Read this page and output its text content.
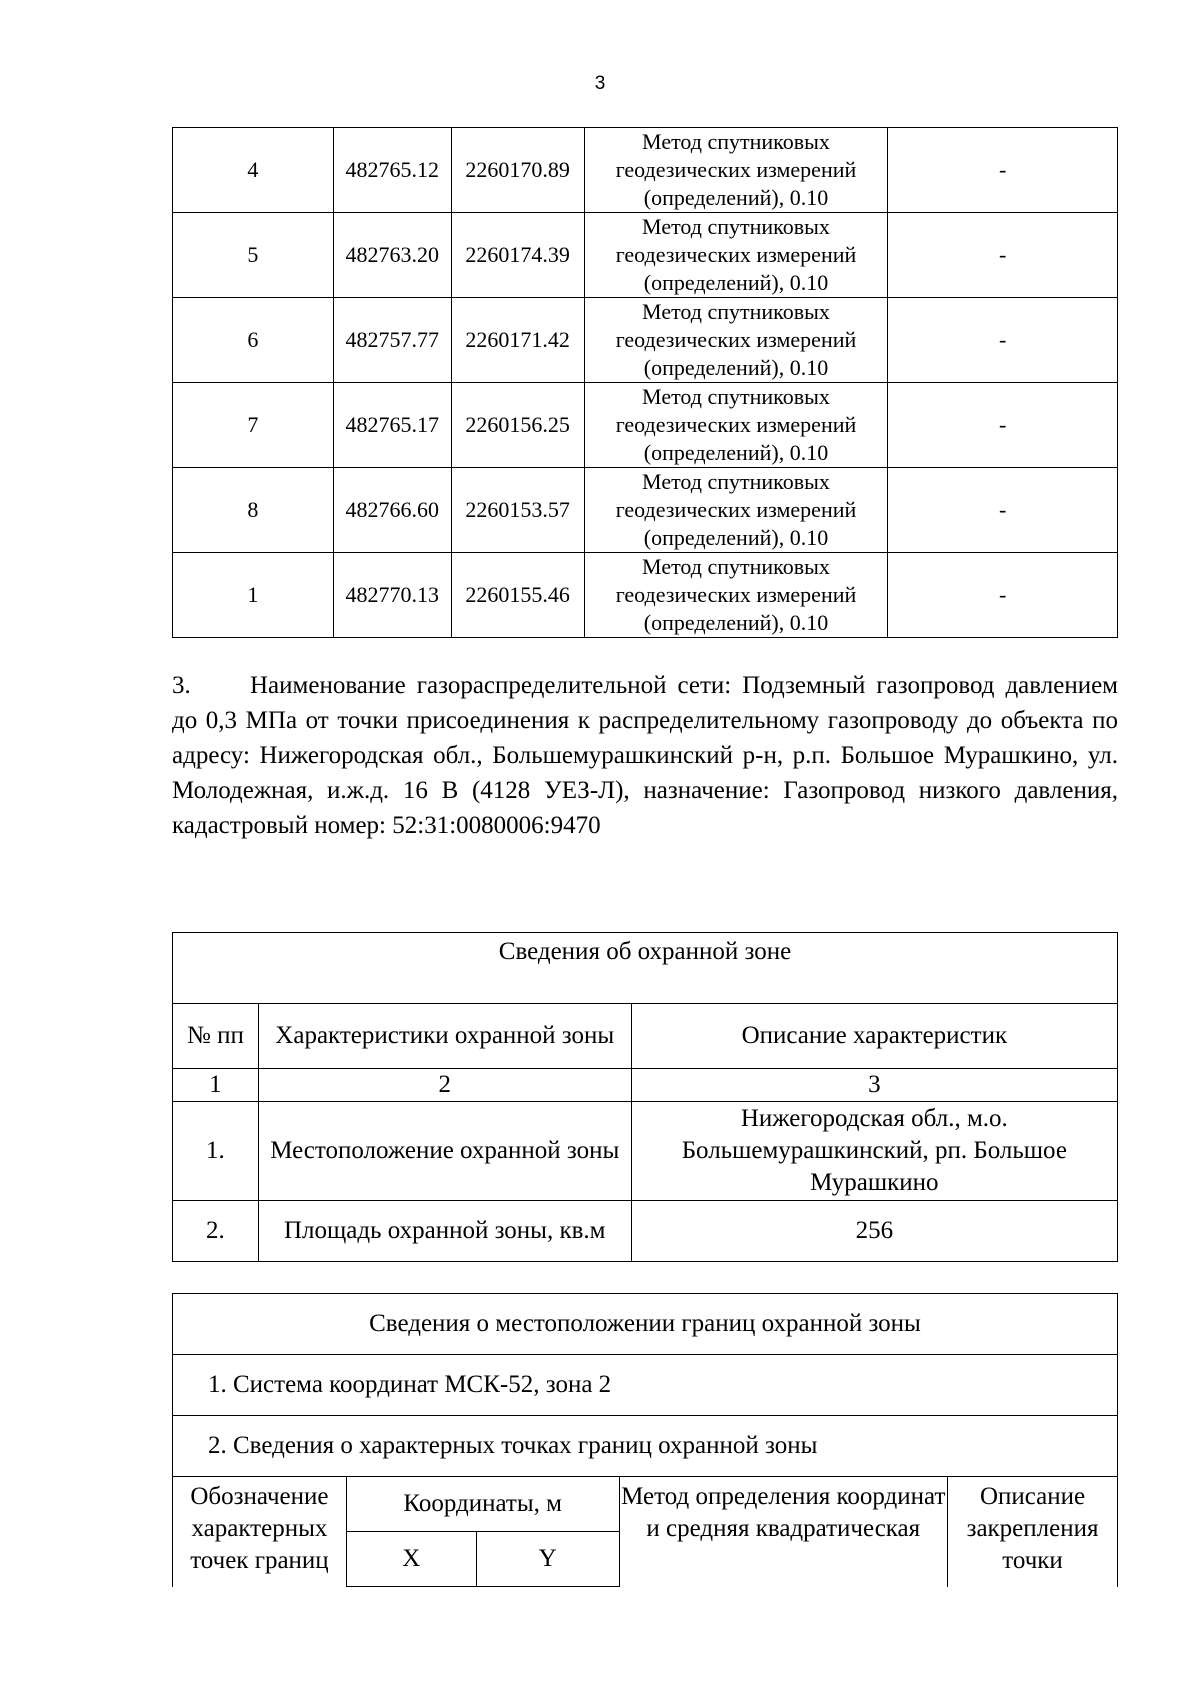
3
4	482765.12	2260170.89	Метод спутниковых
геодезических измерений
(определений), 0.10	-
5	482763.20	2260174.39	Метод спутниковых
геодезических измерений
(определений), 0.10	-
6	482757.77	2260171.42	Метод спутниковых
геодезических измерений
(определений), 0.10	-
7	482765.17	2260156.25	Метод спутниковых
геодезических измерений
(определений), 0.10	-
8	482766.60	2260153.57	Метод спутниковых
геодезических измерений
(определений), 0.10	-
1	482770.13	2260155.46	Метод спутниковых
геодезических измерений
(определений), 0.10	-

3. Наименование газораспределительной сети: Подземный газопровод давлением до 0,3 МПа от точки присоединения к распределительному газопроводу до объекта по адресу: Нижегородская обл., Большемурашкинский р-н, р.п. Большое Мурашкино, ул. Молодежная, и.ж.д. 16 В (4128 УЕЗ-Л), назначение: Газопровод низкого давления, кадастровый номер: 52:31:0080006:9470

Сведения об охранной зоне		
№ пп	Характеристики охранной зоны	Описание характеристик
1	2	3
1.	Местоположение охранной зоны	Нижегородская обл., м.о. Большемурашкинский, рп. Большое Мурашкино
2.	Площадь охранной зоны, кв.м	256
Сведения о местоположении границ охранной зоны				
1. Система координат МСК-52, зона 2				
2. Сведения о характерных точках границ охранной зоны				
Обозначение характерных точек границ	Координаты, м		Метод определения координат и средняя квадратическая	Описание закрепления точки
	X	Y		
